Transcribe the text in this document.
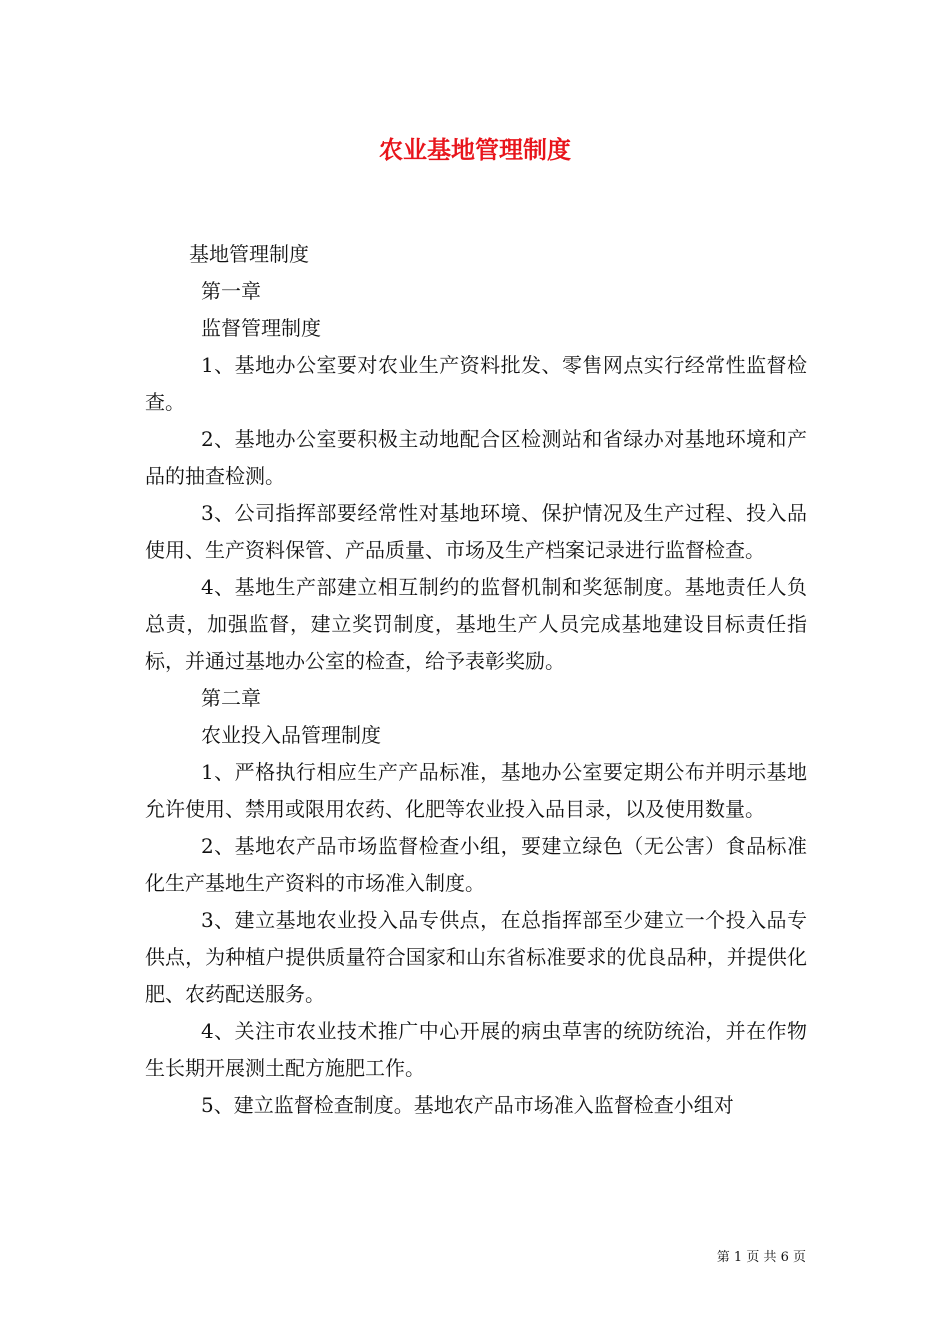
农业基地管理制度

基地管理制度

第一章

监督管理制度

1、基地办公室要对农业生产资料批发、零售网点实行经常性监督检查。

2、基地办公室要积极主动地配合区检测站和省绿办对基地环境和产品的抽查检测。

3、公司指挥部要经常性对基地环境、保护情况及生产过程、投入品使用、生产资料保管、产品质量、市场及生产档案记录进行监督检查。

4、基地生产部建立相互制约的监督机制和奖惩制度。基地责任人负总责，加强监督，建立奖罚制度，基地生产人员完成基地建设目标责任指标，并通过基地办公室的检查，给予表彰奖励。

第二章

农业投入品管理制度

1、严格执行相应生产产品标准，基地办公室要定期公布并明示基地允许使用、禁用或限用农药、化肥等农业投入品目录，以及使用数量。

2、基地农产品市场监督检查小组，要建立绿色（无公害）食品标准化生产基地生产资料的市场准入制度。

3、建立基地农业投入品专供点，在总指挥部至少建立一个投入品专供点，为种植户提供质量符合国家和山东省标准要求的优良品种，并提供化肥、农药配送服务。

4、关注市农业技术推广中心开展的病虫草害的统防统治，并在作物生长期开展测土配方施肥工作。

5、建立监督检查制度。基地农产品市场准入监督检查小组对

第 1 页 共 6 页
